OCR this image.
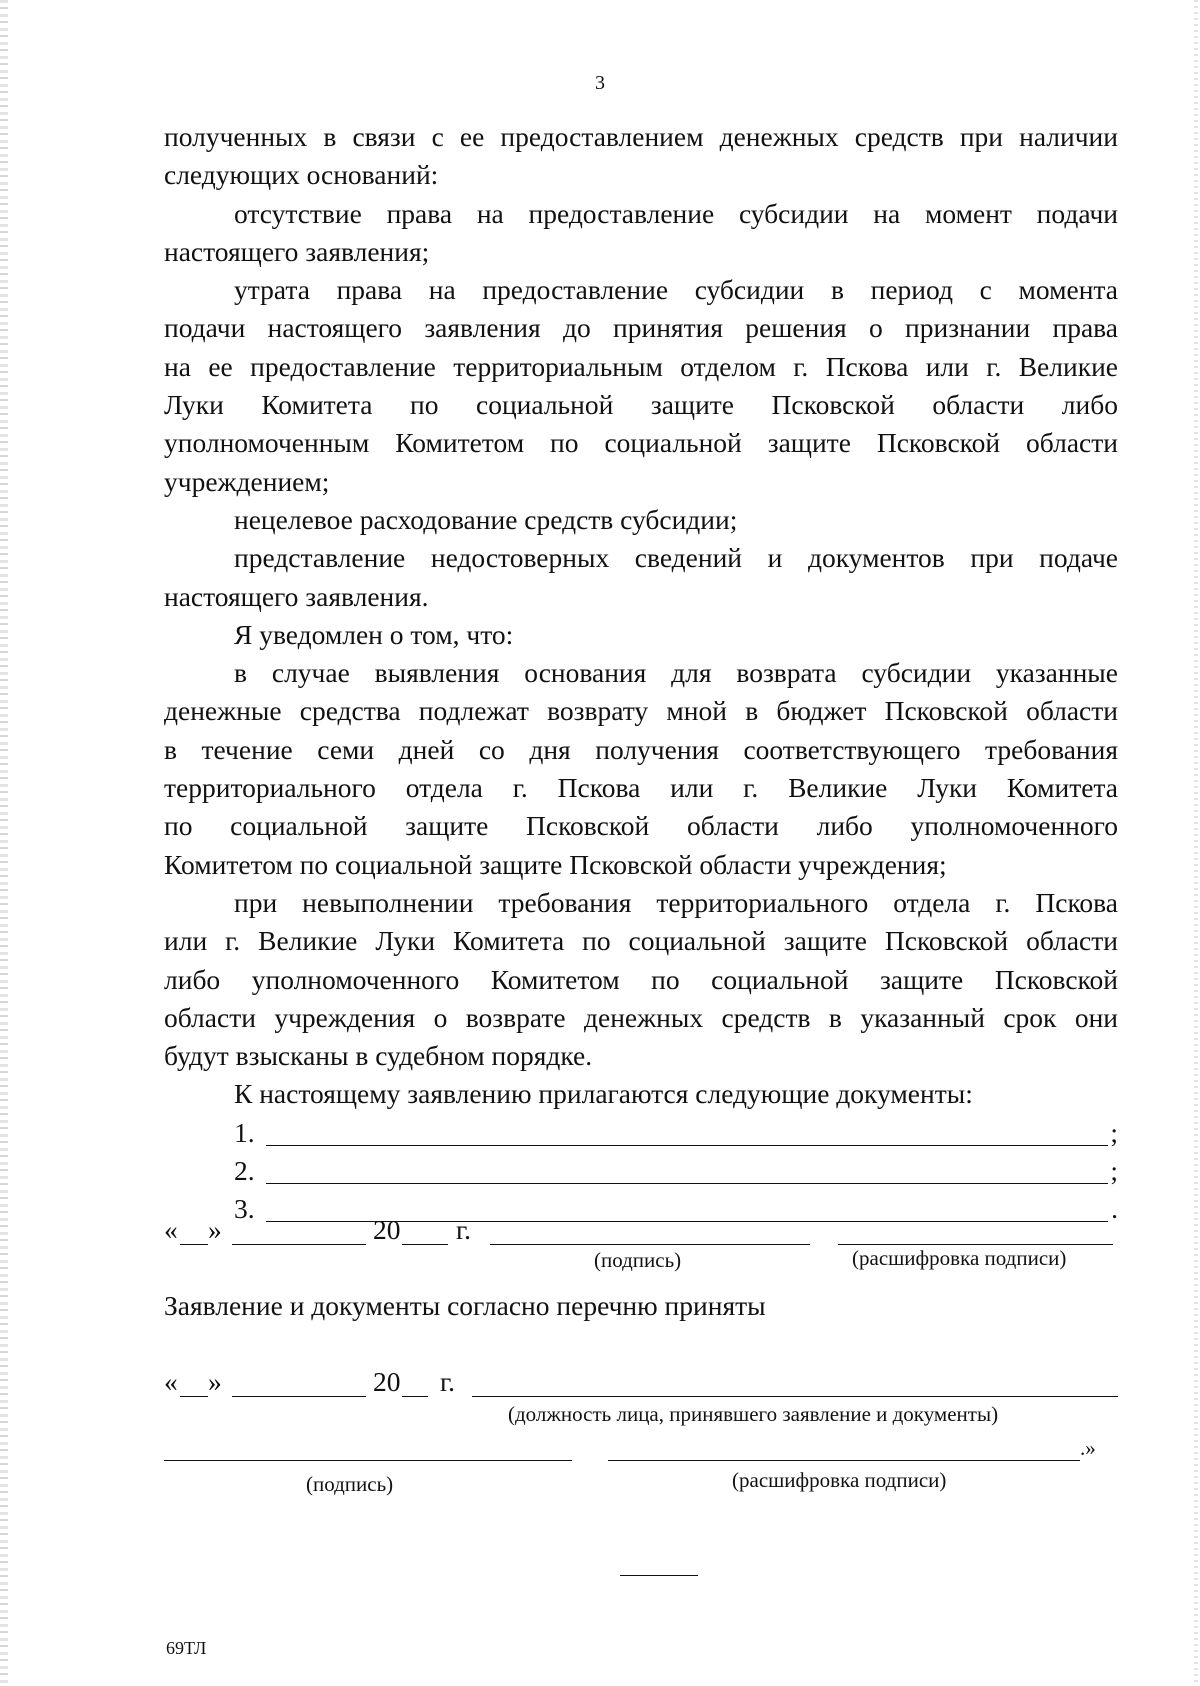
3

полученных в связи с ее предоставлением денежных средств при наличии

следующих оснований:

отсутствие права на предоставление субсидии на момент подачи

настоящего заявления;

утрата права на предоставление субсидии в период с момента

подачи настоящего заявления до принятия решения о признании права

на ее предоставление территориальным отделом г. Пскова или г. Великие

Луки Комитета по социальной защите Псковской области либо

уполномоченным Комитетом по социальной защите Псковской области

учреждением;

нецелевое расходование средств субсидии;

представление недостоверных сведений и документов при подаче

настоящего заявления.

Я уведомлен о том, что:

в случае выявления основания для возврата субсидии указанные

денежные средства подлежат возврату мной в бюджет Псковской области

в течение семи дней со дня получения соответствующего требования

территориального отдела г. Пскова или г. Великие Луки Комитета

по социальной защите Псковской области либо уполномоченного

Комитетом по социальной защите Псковской области учреждения;

при невыполнении требования территориального отдела г. Пскова

или г. Великие Луки Комитета по социальной защите Псковской области

либо уполномоченного Комитетом по социальной защите Псковской

области учреждения о возврате денежных средств в указанный срок они

будут взысканы в судебном порядке.

К настоящему заявлению прилагаются следующие документы:

1.	;
2.	;
3.	.
« »	20 г.
(подпись)	(расшифровка подписи)
Заявление и документы согласно перечню приняты
« »	20 г.
(должность лица, принявшего заявление и документы)
.»
(подпись)	(расшифровка подписи)
69ТЛ
